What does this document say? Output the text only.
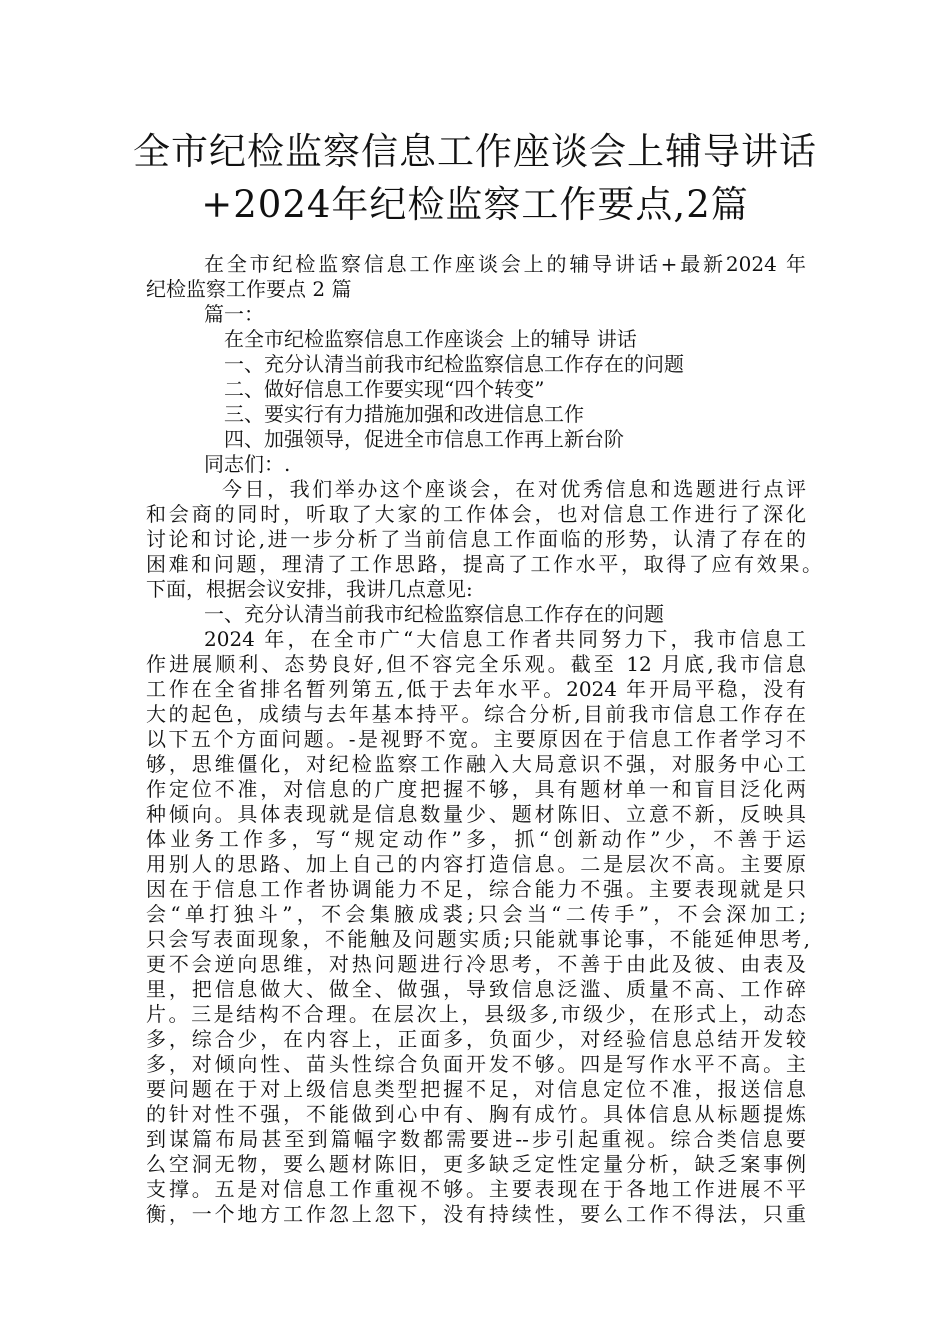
全市纪检监察信息工作座谈会上辅导讲话
+2024年纪检监察工作要点,2篇
在全市纪检监察信息工作座谈会上的辅导讲话+最新2024 年
纪检监察工作要点 2 篇
篇一：
在全市纪检监察信息工作座谈会 上的辅导 讲话
一、充分认清当前我市纪检监察信息工作存在的问题
二、做好信息工作要实现“四个转变”
三、要实行有力措施加强和改进信息工作
四、加强领导，促进全市信息工作再上新台阶
同志们：.
今日，我们举办这个座谈会，在对优秀信息和选题进行点评
和会商的同时，听取了大家的工作体会，也对信息工作进行了深化
讨论和讨论,进一步分析了当前信息工作面临的形势，认清了存在的
困难和问题，理清了工作思路，提高了工作水平，取得了应有效果。
下面，根据会议安排，我讲几点意见:
一、充分认清当前我市纪检监察信息工作存在的问题
2024 年，在全市广“大信息工作者共同努力下，我市信息工
作进展顺利、态势良好,但不容完全乐观。截至 12 月底,我市信息
工作在全省排名暂列第五,低于去年水平。2024 年开局平稳，没有
大的起色，成绩与去年基本持平。综合分析,目前我市信息工作存在
以下五个方面问题。-是视野不宽。主要原因在于信息工作者学习不
够，思维僵化，对纪检监察工作融入大局意识不强，对服务中心工
作定位不准，对信息的广度把握不够，具有题材单一和盲目泛化两
种倾向。具体表现就是信息数量少、题材陈旧、立意不新，反映具
体业务工作多，写“规定动作”多，抓“创新动作”少，不善于运
用别人的思路、加上自己的内容打造信息。二是层次不高。主要原
因在于信息工作者协调能力不足，综合能力不强。主要表现就是只
会“单打独斗”，不会集腋成裘;只会当“二传手”，不会深加工;
只会写表面现象，不能触及问题实质;只能就事论事，不能延伸思考,
更不会逆向思维，对热问题进行冷思考，不善于由此及彼、由表及
里，把信息做大、做全、做强，导致信息泛滥、质量不高、工作碎
片。三是结构不合理。在层次上，县级多,市级少，在形式上，动态
多，综合少，在内容上，正面多，负面少，对经验信息总结开发较
多，对倾向性、苗头性综合负面开发不够。四是写作水平不高。主
要问题在于对上级信息类型把握不足，对信息定位不准，报送信息
的针对性不强，不能做到心中有、胸有成竹。具体信息从标题提炼
到谋篇布局甚至到篇幅字数都需要进--步引起重视。综合类信息要
么空洞无物，要么题材陈旧，更多缺乏定性定量分析，缺乏案事例
支撑。五是对信息工作重视不够。主要表现在于各地工作进展不平
衡，一个地方工作忽上忽下，没有持续性，要么工作不得法，只重
